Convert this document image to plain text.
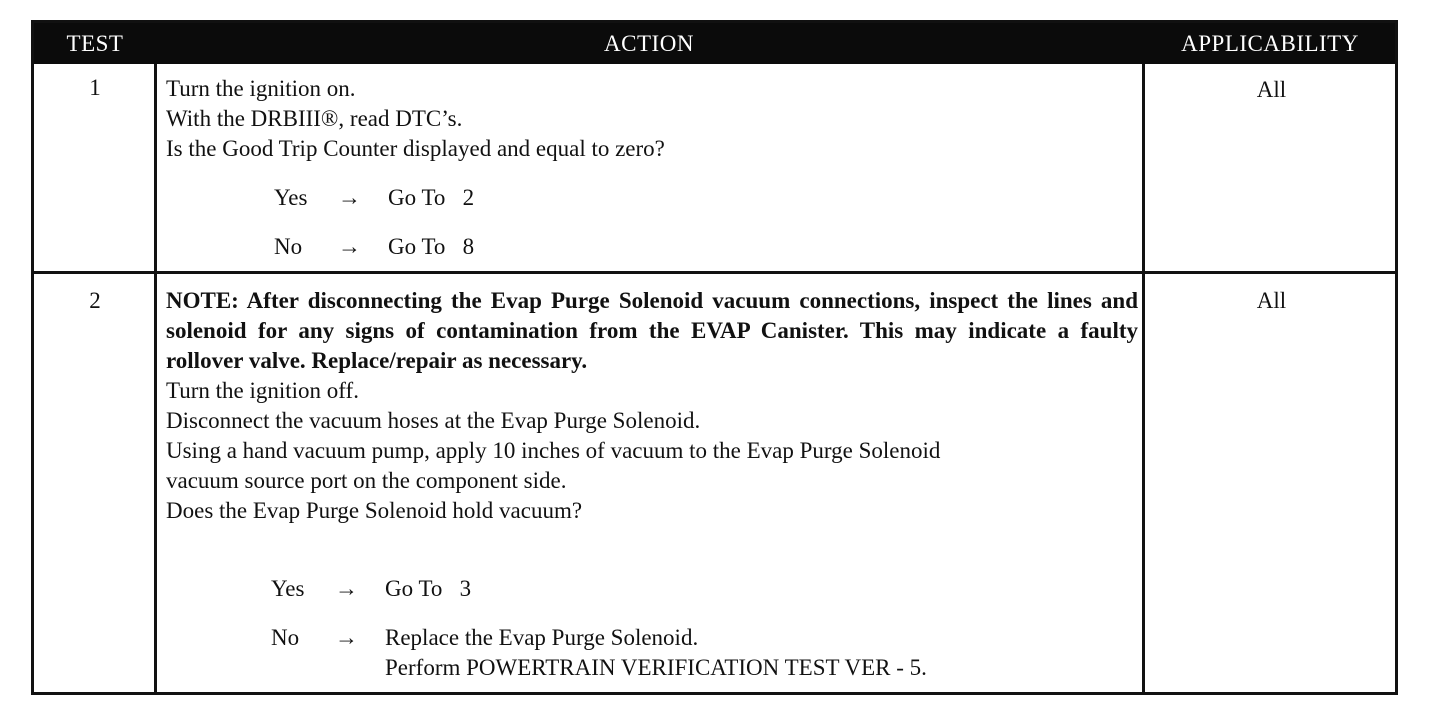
TEST	ACTION	APPLICABILITY
1	Turn the ignition on.
With the DRBIII®, read DTC’s.
Is the Good Trip Counter displayed and equal to zero?
Yes → Go To   2
No → Go To   8
All
2	NOTE: After disconnecting the Evap Purge Solenoid vacuum connections, inspect the lines and solenoid for any signs of contamination from the EVAP Canister. This may indicate a faulty rollover valve. Replace/repair as necessary.
Turn the ignition off.
Disconnect the vacuum hoses at the Evap Purge Solenoid.
Using a hand vacuum pump, apply 10 inches of vacuum to the Evap Purge Solenoid
vacuum source port on the component side.
Does the Evap Purge Solenoid hold vacuum?
Yes → Go To   3
No → Replace the Evap Purge Solenoid.
Perform POWERTRAIN VERIFICATION TEST VER - 5.
All
